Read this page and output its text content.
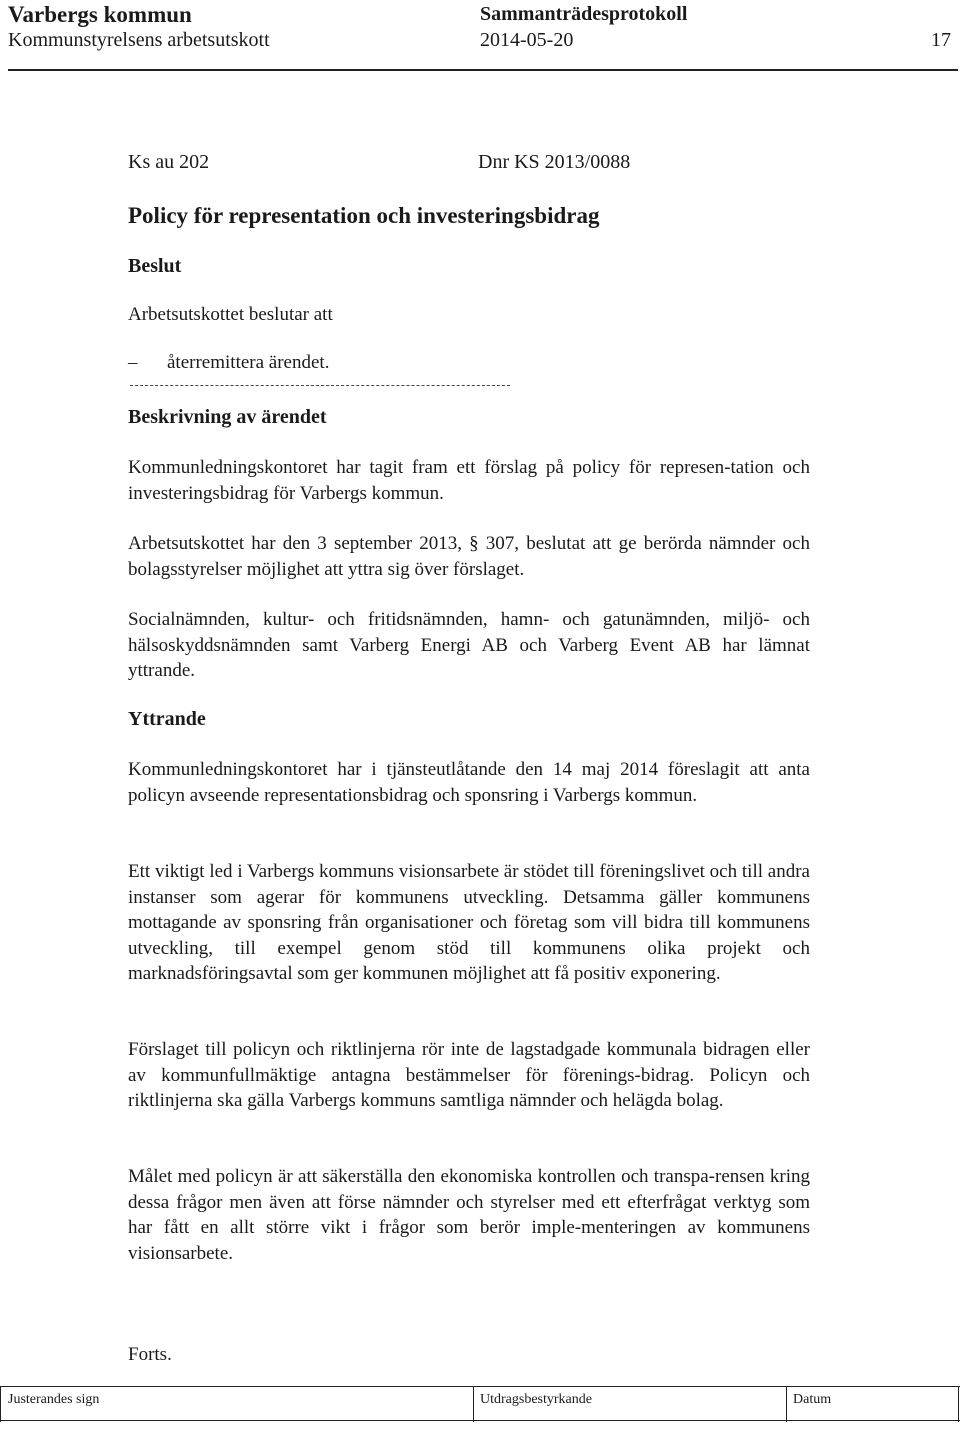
Varbergs kommun	Sammanträdesprotokoll
Kommunstyrelsens arbetsutskott	2014-05-20	17
Ks au 202	Dnr KS 2013/0088
Policy för representation och investeringsbidrag
Beslut

Arbetsutskottet beslutar att

– återremittera ärendet.
Beskrivning av ärendet

Kommunledningskontoret har tagit fram ett förslag på policy för represen-tation och investeringsbidrag för Varbergs kommun.

Arbetsutskottet har den 3 september 2013, § 307, beslutat att ge berörda nämnder och bolagsstyrelser möjlighet att yttra sig över förslaget.

Socialnämnden, kultur- och fritidsnämnden, hamn- och gatunämnden, miljö- och hälsoskyddsnämnden samt Varberg Energi AB och Varberg Event AB har lämnat yttrande.

Yttrande

Kommunledningskontoret har i tjänsteutlåtande den 14 maj 2014 föreslagit att anta policyn avseende representationsbidrag och sponsring i Varbergs kommun.

Ett viktigt led i Varbergs kommuns visionsarbete är stödet till föreningslivet och till andra instanser som agerar för kommunens utveckling. Detsamma gäller kommunens mottagande av sponsring från organisationer och företag som vill bidra till kommunens utveckling, till exempel genom stöd till kommunens olika projekt och marknadsföringsavtal som ger kommunen möjlighet att få positiv exponering.

Förslaget till policyn och riktlinjerna rör inte de lagstadgade kommunala bidragen eller av kommunfullmäktige antagna bestämmelser för förenings-bidrag. Policyn och riktlinjerna ska gälla Varbergs kommuns samtliga nämnder och helägda bolag.

Målet med policyn är att säkerställa den ekonomiska kontrollen och transpa-rensen kring dessa frågor men även att förse nämnder och styrelser med ett efterfrågat verktyg som har fått en allt större vikt i frågor som berör imple-menteringen av kommunens visionsarbete.

Forts.

Justerandes sign	Utdragsbestyrkande	Datum
